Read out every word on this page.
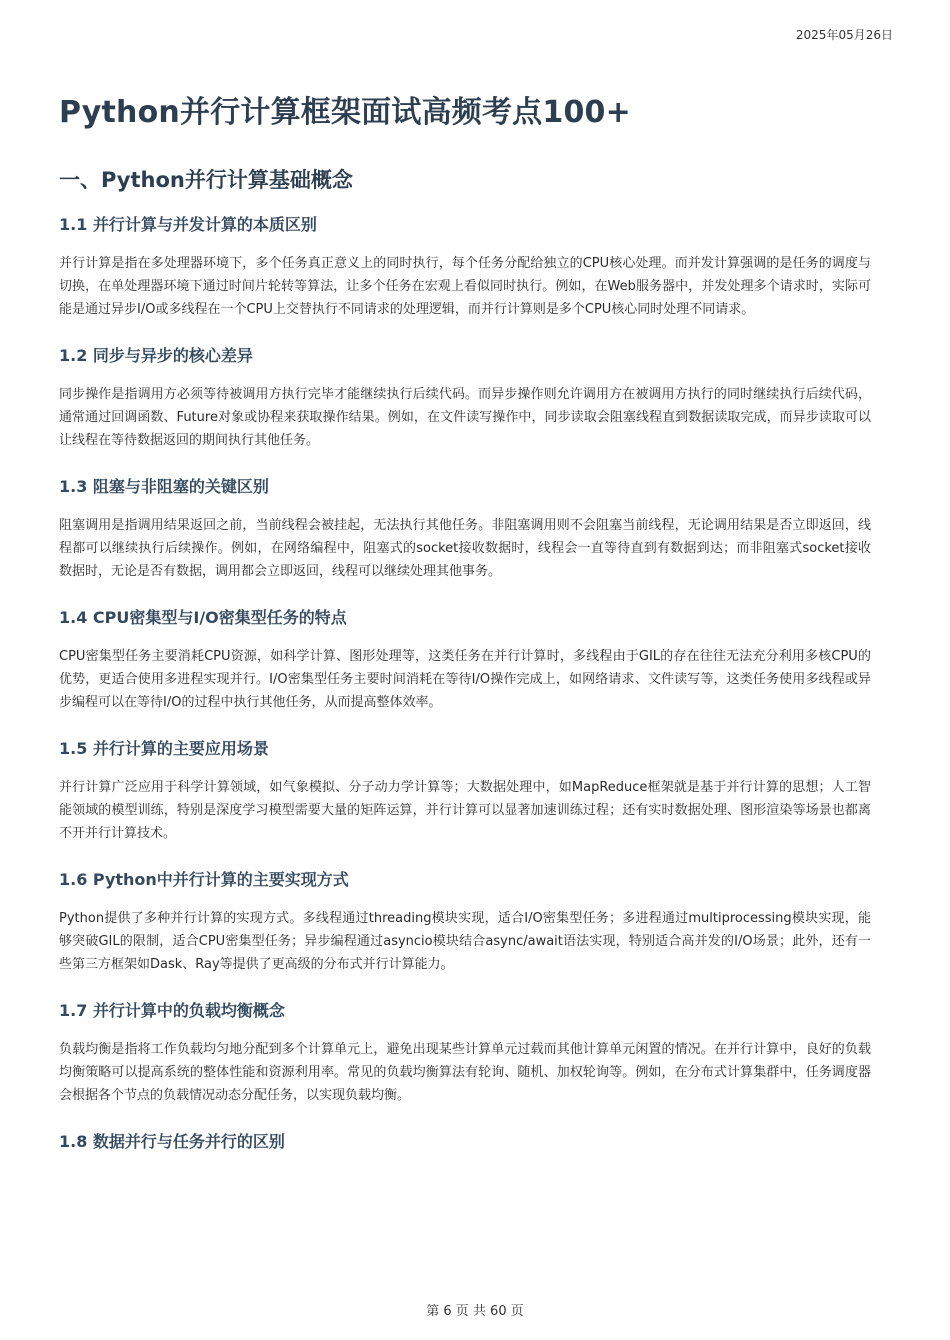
2025年05月26日
Python并行计算框架面试高频考点100+
一、Python并行计算基础概念
1.1 并行计算与并发计算的本质区别

并行计算是指在多处理器环境下，多个任务真正意义上的同时执行，每个任务分配给独立的CPU核心处理。而并发计算强调的是任务的调度与切换，在单处理器环境下通过时间片轮转等算法，让多个任务在宏观上看似同时执行。例如，在Web服务器中，并发处理多个请求时，实际可能是通过异步I/O或多线程在一个CPU上交替执行不同请求的处理逻辑，而并行计算则是多个CPU核心同时处理不同请求。

1.2 同步与异步的核心差异

同步操作是指调用方必须等待被调用方执行完毕才能继续执行后续代码。而异步操作则允许调用方在被调用方执行的同时继续执行后续代码，通常通过回调函数、Future对象或协程来获取操作结果。例如，在文件读写操作中，同步读取会阻塞线程直到数据读取完成，而异步读取可以让线程在等待数据返回的期间执行其他任务。

1.3 阻塞与非阻塞的关键区别

阻塞调用是指调用结果返回之前，当前线程会被挂起，无法执行其他任务。非阻塞调用则不会阻塞当前线程，无论调用结果是否立即返回，线程都可以继续执行后续操作。例如，在网络编程中，阻塞式的socket接收数据时，线程会一直等待直到有数据到达；而非阻塞式socket接收数据时，无论是否有数据，调用都会立即返回，线程可以继续处理其他事务。

1.4 CPU密集型与I/O密集型任务的特点

CPU密集型任务主要消耗CPU资源，如科学计算、图形处理等，这类任务在并行计算时，多线程由于GIL的存在往往无法充分利用多核CPU的优势，更适合使用多进程实现并行。I/O密集型任务主要时间消耗在等待I/O操作完成上，如网络请求、文件读写等，这类任务使用多线程或异步编程可以在等待I/O的过程中执行其他任务，从而提高整体效率。

1.5 并行计算的主要应用场景

并行计算广泛应用于科学计算领域，如气象模拟、分子动力学计算等；大数据处理中，如MapReduce框架就是基于并行计算的思想；人工智能领域的模型训练，特别是深度学习模型需要大量的矩阵运算，并行计算可以显著加速训练过程；还有实时数据处理、图形渲染等场景也都离不开并行计算技术。

1.6 Python中并行计算的主要实现方式

Python提供了多种并行计算的实现方式。多线程通过threading模块实现，适合I/O密集型任务；多进程通过multiprocessing模块实现，能够突破GIL的限制，适合CPU密集型任务；异步编程通过asyncio模块结合async/await语法实现，特别适合高并发的I/O场景；此外，还有一些第三方框架如Dask、Ray等提供了更高级的分布式并行计算能力。

1.7 并行计算中的负载均衡概念

负载均衡是指将工作负载均匀地分配到多个计算单元上，避免出现某些计算单元过载而其他计算单元闲置的情况。在并行计算中，良好的负载均衡策略可以提高系统的整体性能和资源利用率。常见的负载均衡算法有轮询、随机、加权轮询等。例如，在分布式计算集群中，任务调度器会根据各个节点的负载情况动态分配任务，以实现负载均衡。

1.8 数据并行与任务并行的区别
第 6 页 共 60 页
